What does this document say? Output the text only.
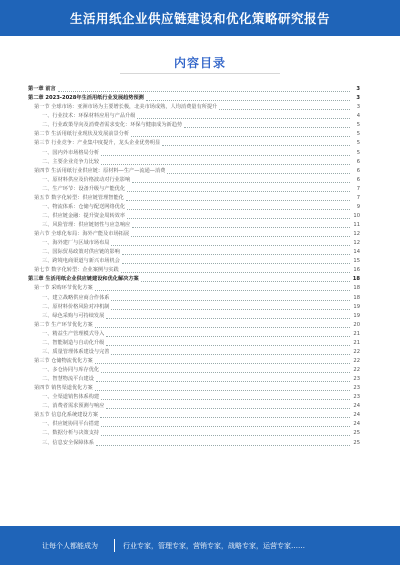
生活用纸企业供应链建设和优化策略研究报告
内容目录
第一章 前言	3
第二章 2023-2028年生活用纸行业发展趋势预测	3
第一节 全球市场：亚洲市场为主要增长极，北美市场成熟，人均消费量有所提升	3
一、行业技术：环保材料应用与产品升级	4
二、行业政策导向及消费者需求变化：环保与健康成为新趋势	5
第二节 生活用纸行业现状及发展前景分析	5
第三节 行业竞争：产业集中度提升，龙头企业优势明显	5
一、国内外市场格局分析	5
二、主要企业竞争力比较	6
第四节 生活用纸行业供应链：原材料—生产—流通—消费	6
一、原材料供应及价格波动对行业影响	6
二、生产环节：设备升级与产能优化	7
第五节 数字化转型：供应链管理智能化	7
一、物流体系：仓储与配送网络优化	9
二、供应链金融：提升资金周转效率	10
三、风险管理：供应链韧性与应急响应	11
第六节 全球化布局：海外产能及市场拓展	12
一、海外建厂与区域市场布局	12
二、国际贸易政策对供应链的影响	14
三、跨境电商渠道与新兴市场机会	15
第七节 数字化转型：企业案例与实践	16
第三章 生活用纸企业供应链建设和优化解决方案	18
第一节 采购环节优化方案	18
一、建立战略供应商合作体系	18
二、原材料价格风险对冲机制	19
三、绿色采购与可持续发展	19
第二节 生产环节优化方案	20
一、精益生产管理模式导入	21
二、智能制造与自动化升级	21
三、质量管理体系建设与完善	22
第三节 仓储物流优化方案	22
一、多仓协同与库存优化	22
二、智慧物流平台建设	23
第四节 销售渠道优化方案	23
一、全渠道销售体系构建	23
二、消费者需求预测与响应	24
第五节 信息化系统建设方案	24
一、供应链协同平台搭建	24
二、数据分析与决策支持	25
三、信息安全保障体系	25
让每个人都能成为	行业专家，管理专家，营销专家，战略专家，运营专家……
